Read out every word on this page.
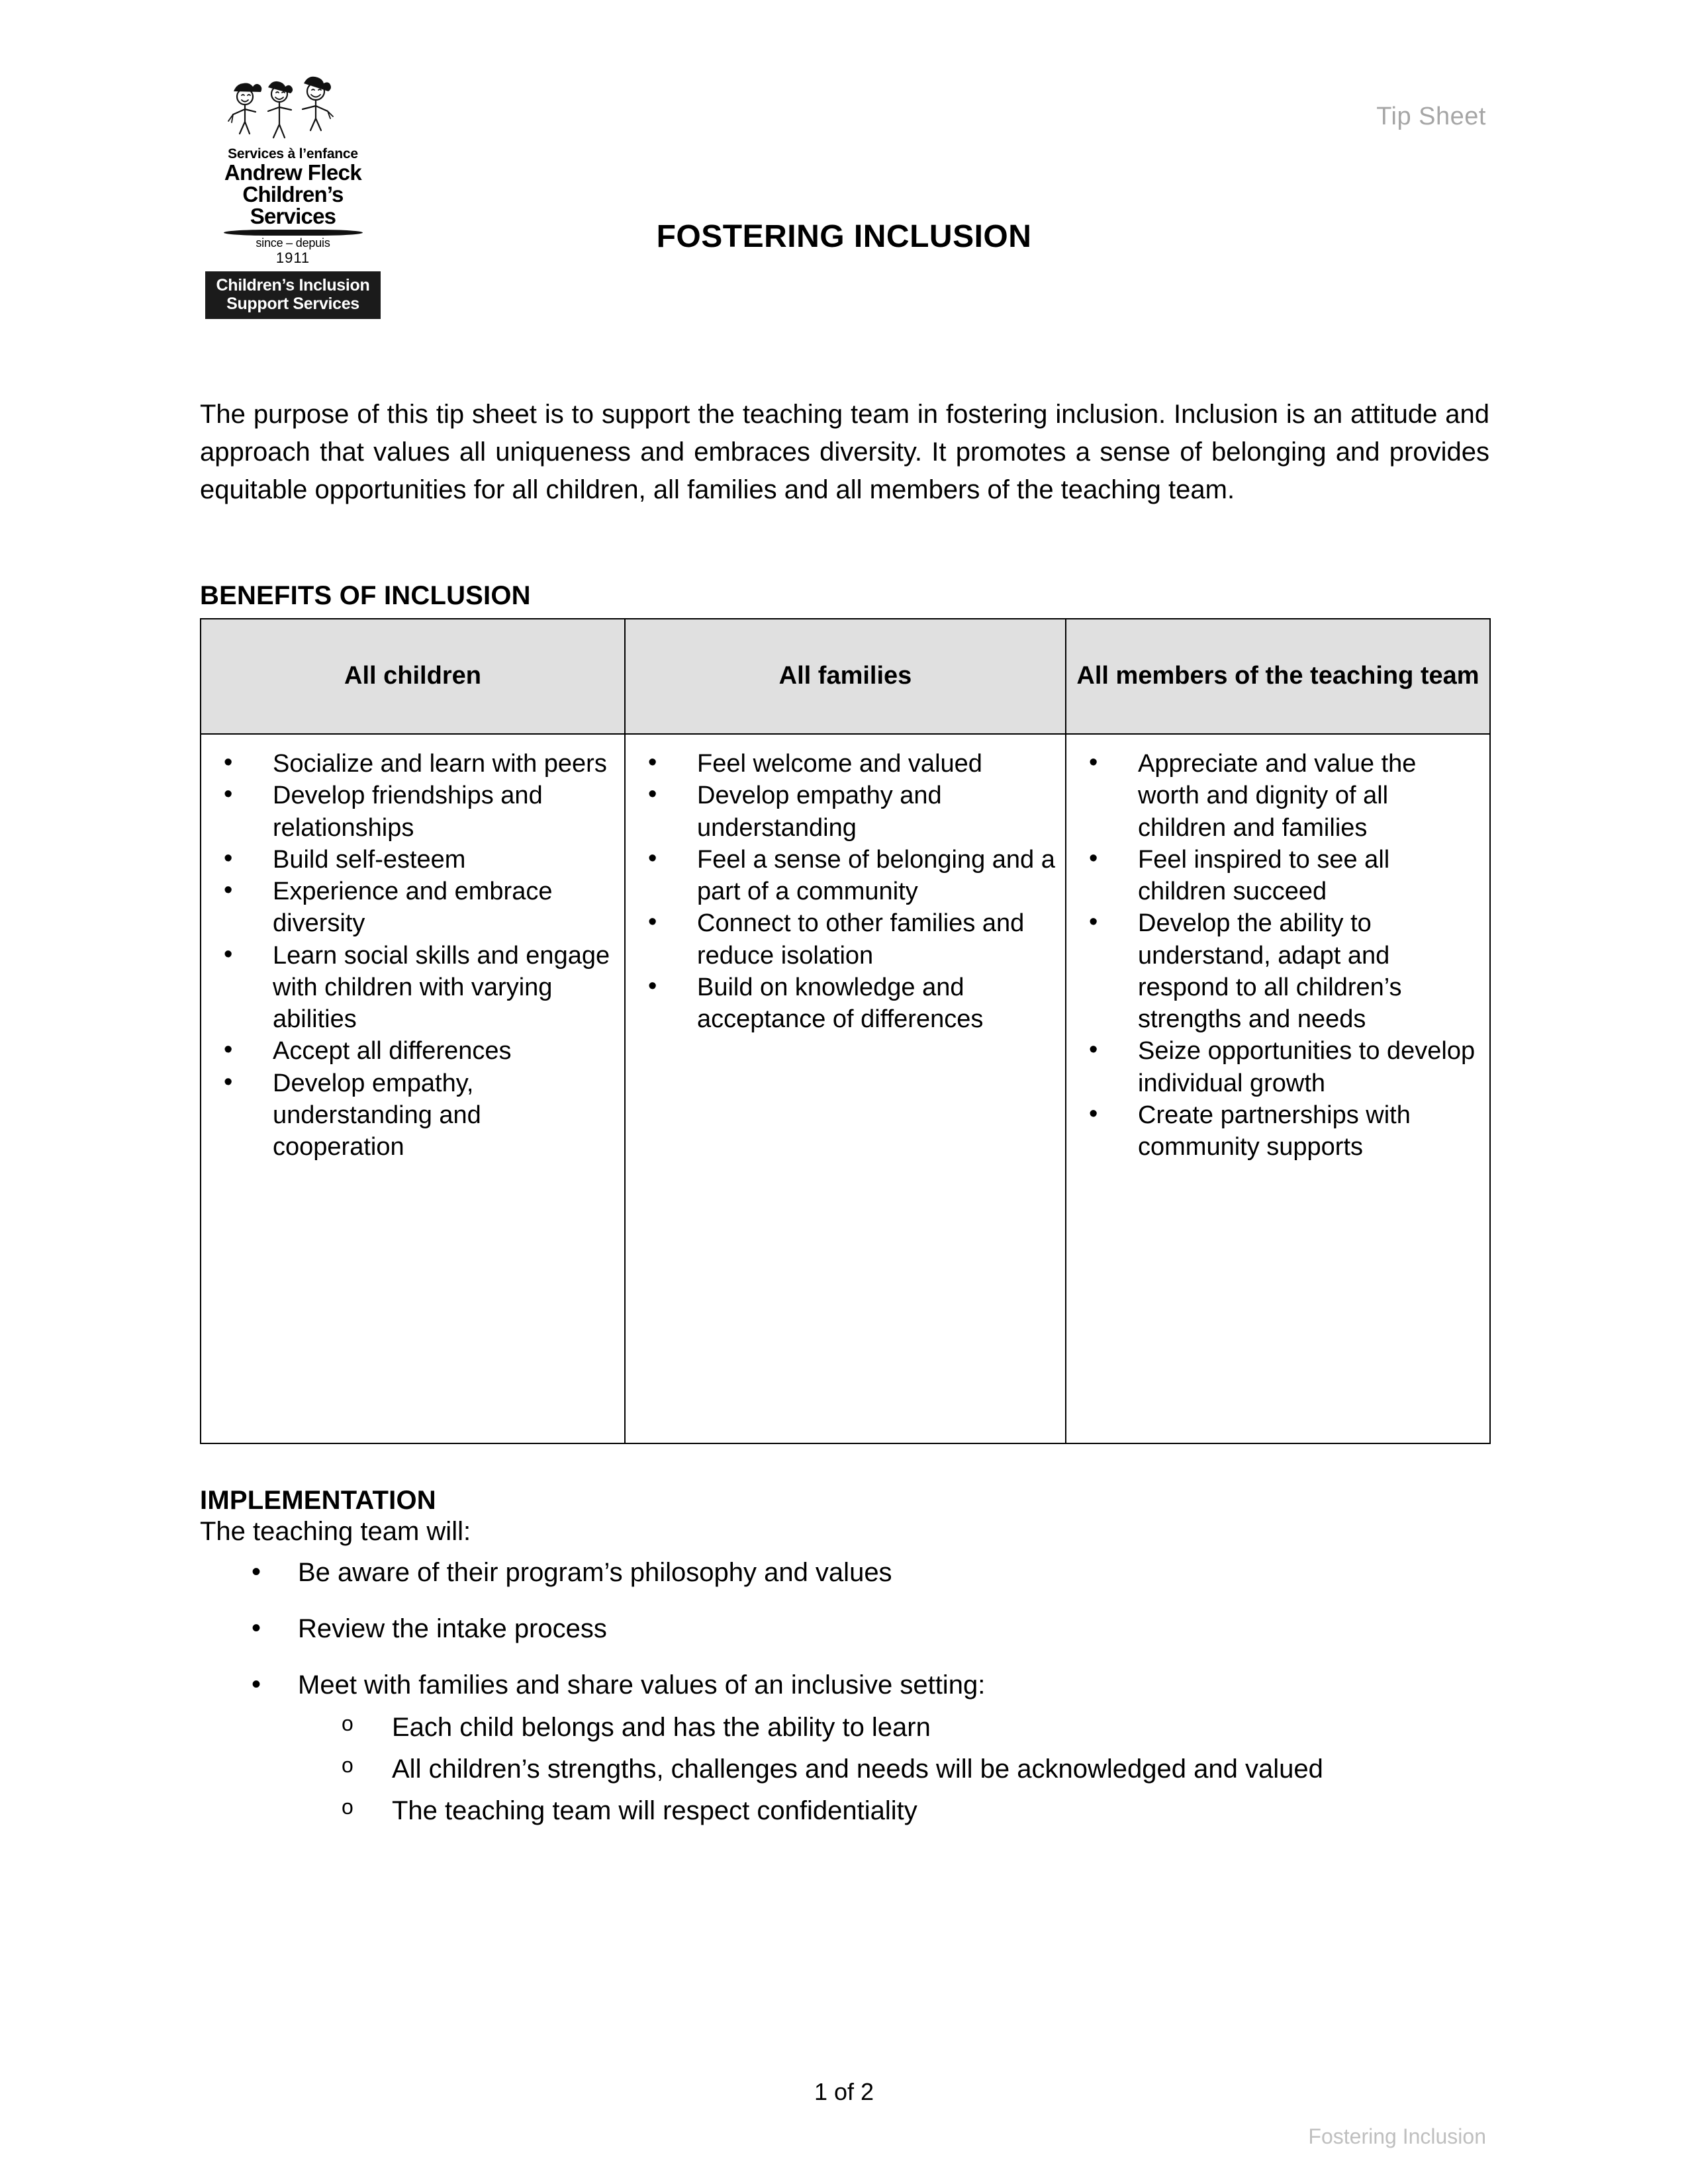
Tip Sheet
Services à l’enfance
Andrew Fleck
Children’s Services
since – depuis
1911
Children’s Inclusion
Support Services
FOSTERING INCLUSION

The purpose of this tip sheet is to support the teaching team in fostering inclusion. Inclusion is an attitude and approach that values all uniqueness and embraces diversity. It promotes a sense of belonging and provides equitable opportunities for all children, all families and all members of the teaching team.

BENEFITS OF INCLUSION
All children	All families	All members of the teaching team

• Socialize and learn with peers
• Develop friendships and relationships
• Build self-esteem
• Experience and embrace diversity
• Learn social skills and engage with children with varying abilities
• Accept all differences
• Develop empathy, understanding and cooperation

• Feel welcome and valued
• Develop empathy and understanding
• Feel a sense of belonging and a part of a community
• Connect to other families and reduce isolation
• Build on knowledge and acceptance of differences

• Appreciate and value the worth and dignity of all children and families
• Feel inspired to see all children succeed
• Develop the ability to understand, adapt and respond to all children’s strengths and needs
• Seize opportunities to develop individual growth
• Create partnerships with community supports
IMPLEMENTATION
The teaching team will:
• Be aware of their program’s philosophy and values
• Review the intake process
• Meet with families and share values of an inclusive setting:
o Each child belongs and has the ability to learn
o All children’s strengths, challenges and needs will be acknowledged and valued
o The teaching team will respect confidentiality
1 of 2
Fostering Inclusion
